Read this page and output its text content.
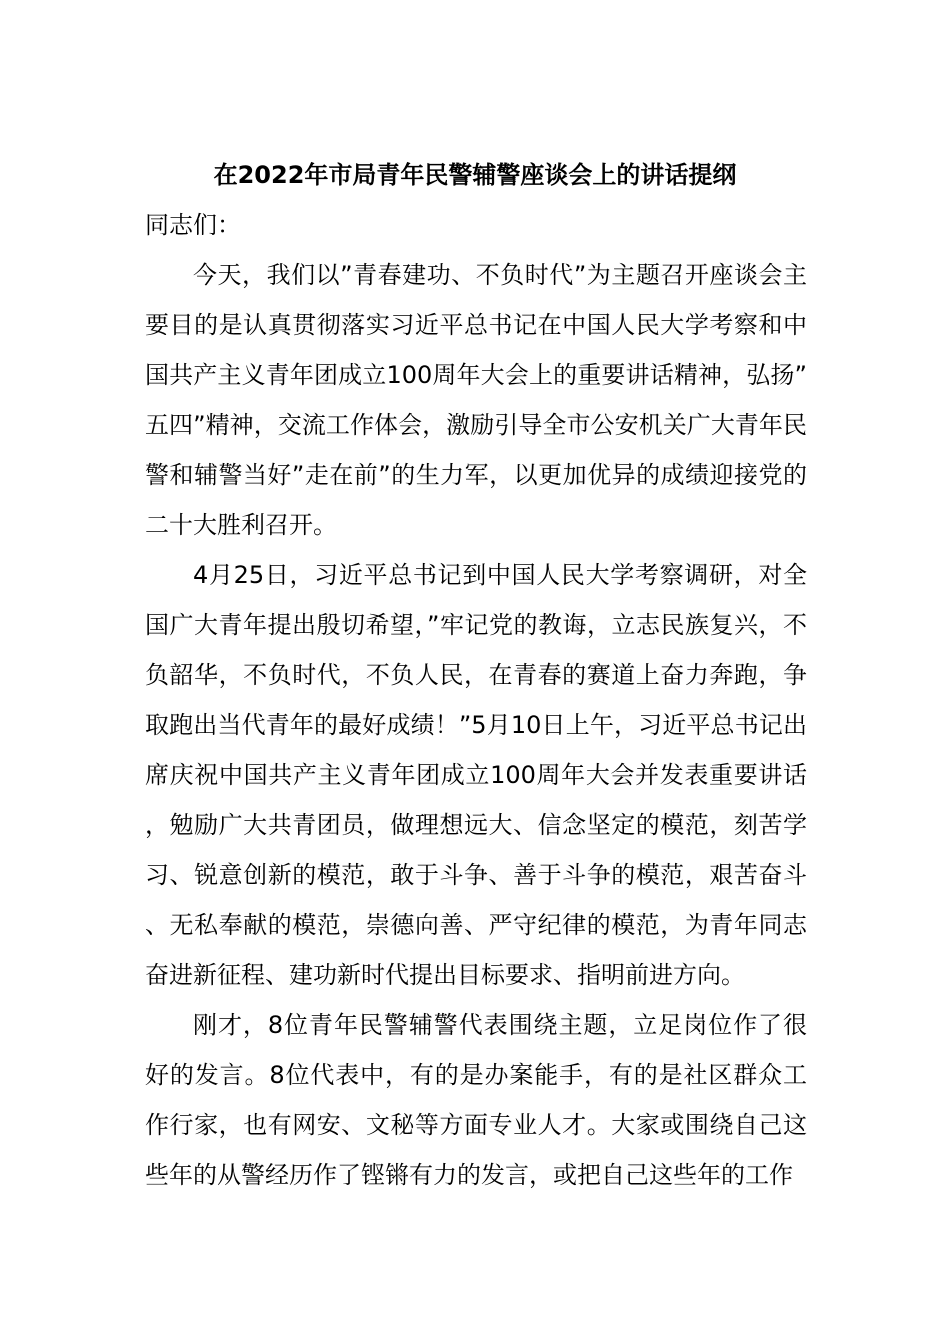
在2022年市局青年民警辅警座谈会上的讲话提纲

同志们：

今天，我们以”青春建功、不负时代”为主题召开座谈会主要目的是认真贯彻落实习近平总书记在中国人民大学考察和中国共产主义青年团成立100周年大会上的重要讲话精神，弘扬”五四”精神，交流工作体会，激励引导全市公安机关广大青年民警和辅警当好”走在前”的生力军，以更加优异的成绩迎接党的二十大胜利召开。

4月25日，习近平总书记到中国人民大学考察调研，对全国广大青年提出殷切希望，”牢记党的教诲，立志民族复兴，不负韶华，不负时代，不负人民，在青春的赛道上奋力奔跑，争取跑出当代青年的最好成绩！”5月10日上午，习近平总书记出席庆祝中国共产主义青年团成立100周年大会并发表重要讲话，勉励广大共青团员，做理想远大、信念坚定的模范，刻苦学习、锐意创新的模范，敢于斗争、善于斗争的模范，艰苦奋斗、无私奉献的模范，崇德向善、严守纪律的模范，为青年同志奋进新征程、建功新时代提出目标要求、指明前进方向。

刚才，8位青年民警辅警代表围绕主题，立足岗位作了很好的发言。8位代表中，有的是办案能手，有的是社区群众工作行家，也有网安、文秘等方面专业人才。大家或围绕自己这些年的从警经历作了铿锵有力的发言，或把自己这些年的工作
